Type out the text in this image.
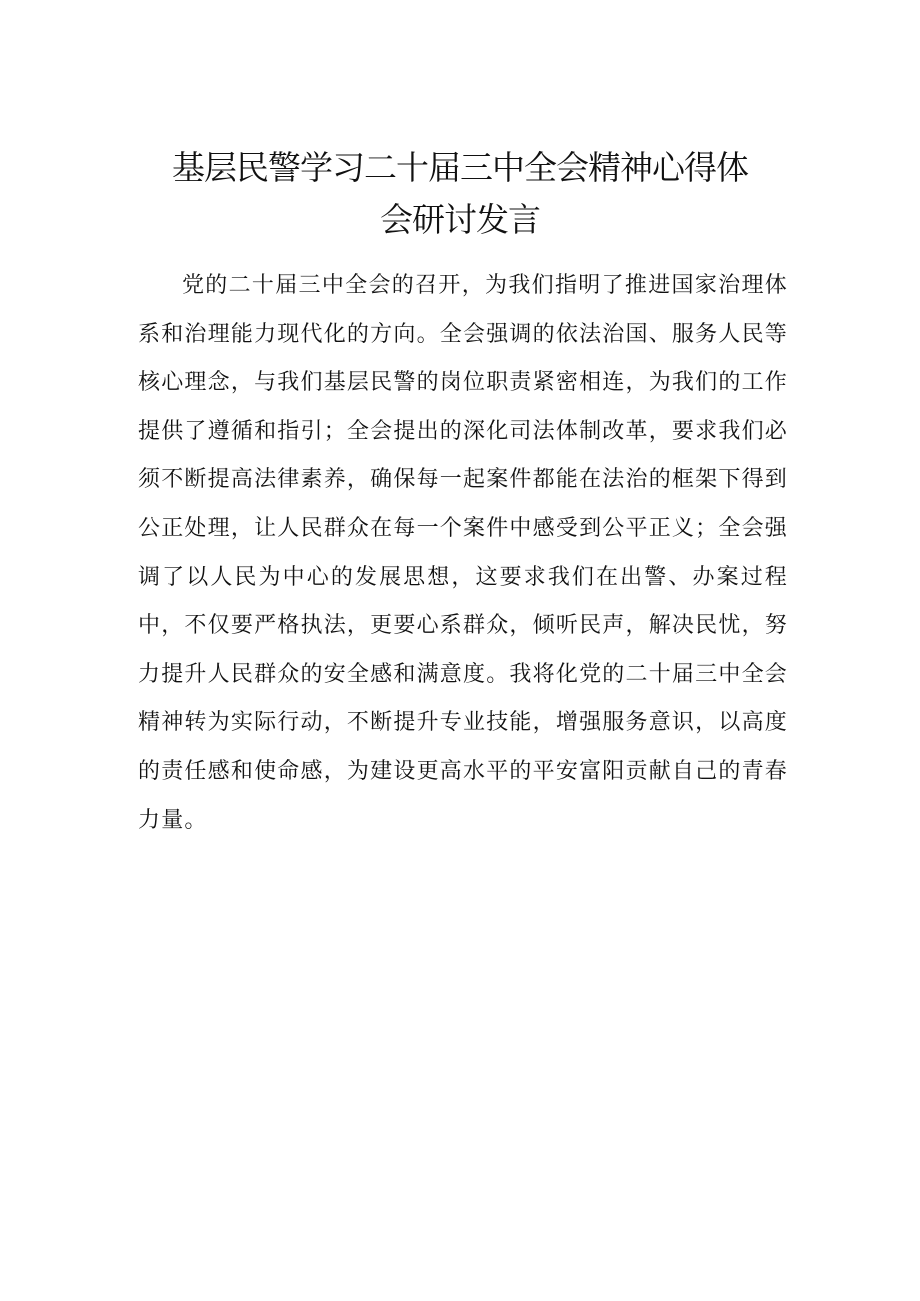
基层民警学习二十届三中全会精神心得体
会研讨发言

党的二十届三中全会的召开，为我们指明了推进国家治理体系和治理能力现代化的方向。全会强调的依法治国、服务人民等核心理念，与我们基层民警的岗位职责紧密相连，为我们的工作提供了遵循和指引；全会提出的深化司法体制改革，要求我们必须不断提高法律素养，确保每一起案件都能在法治的框架下得到公正处理，让人民群众在每一个案件中感受到公平正义；全会强调了以人民为中心的发展思想，这要求我们在出警、办案过程中，不仅要严格执法，更要心系群众，倾听民声，解决民忧，努力提升人民群众的安全感和满意度。我将化党的二十届三中全会精神转为实际行动，不断提升专业技能，增强服务意识，以高度的责任感和使命感，为建设更高水平的平安富阳贡献自己的青春力量。
